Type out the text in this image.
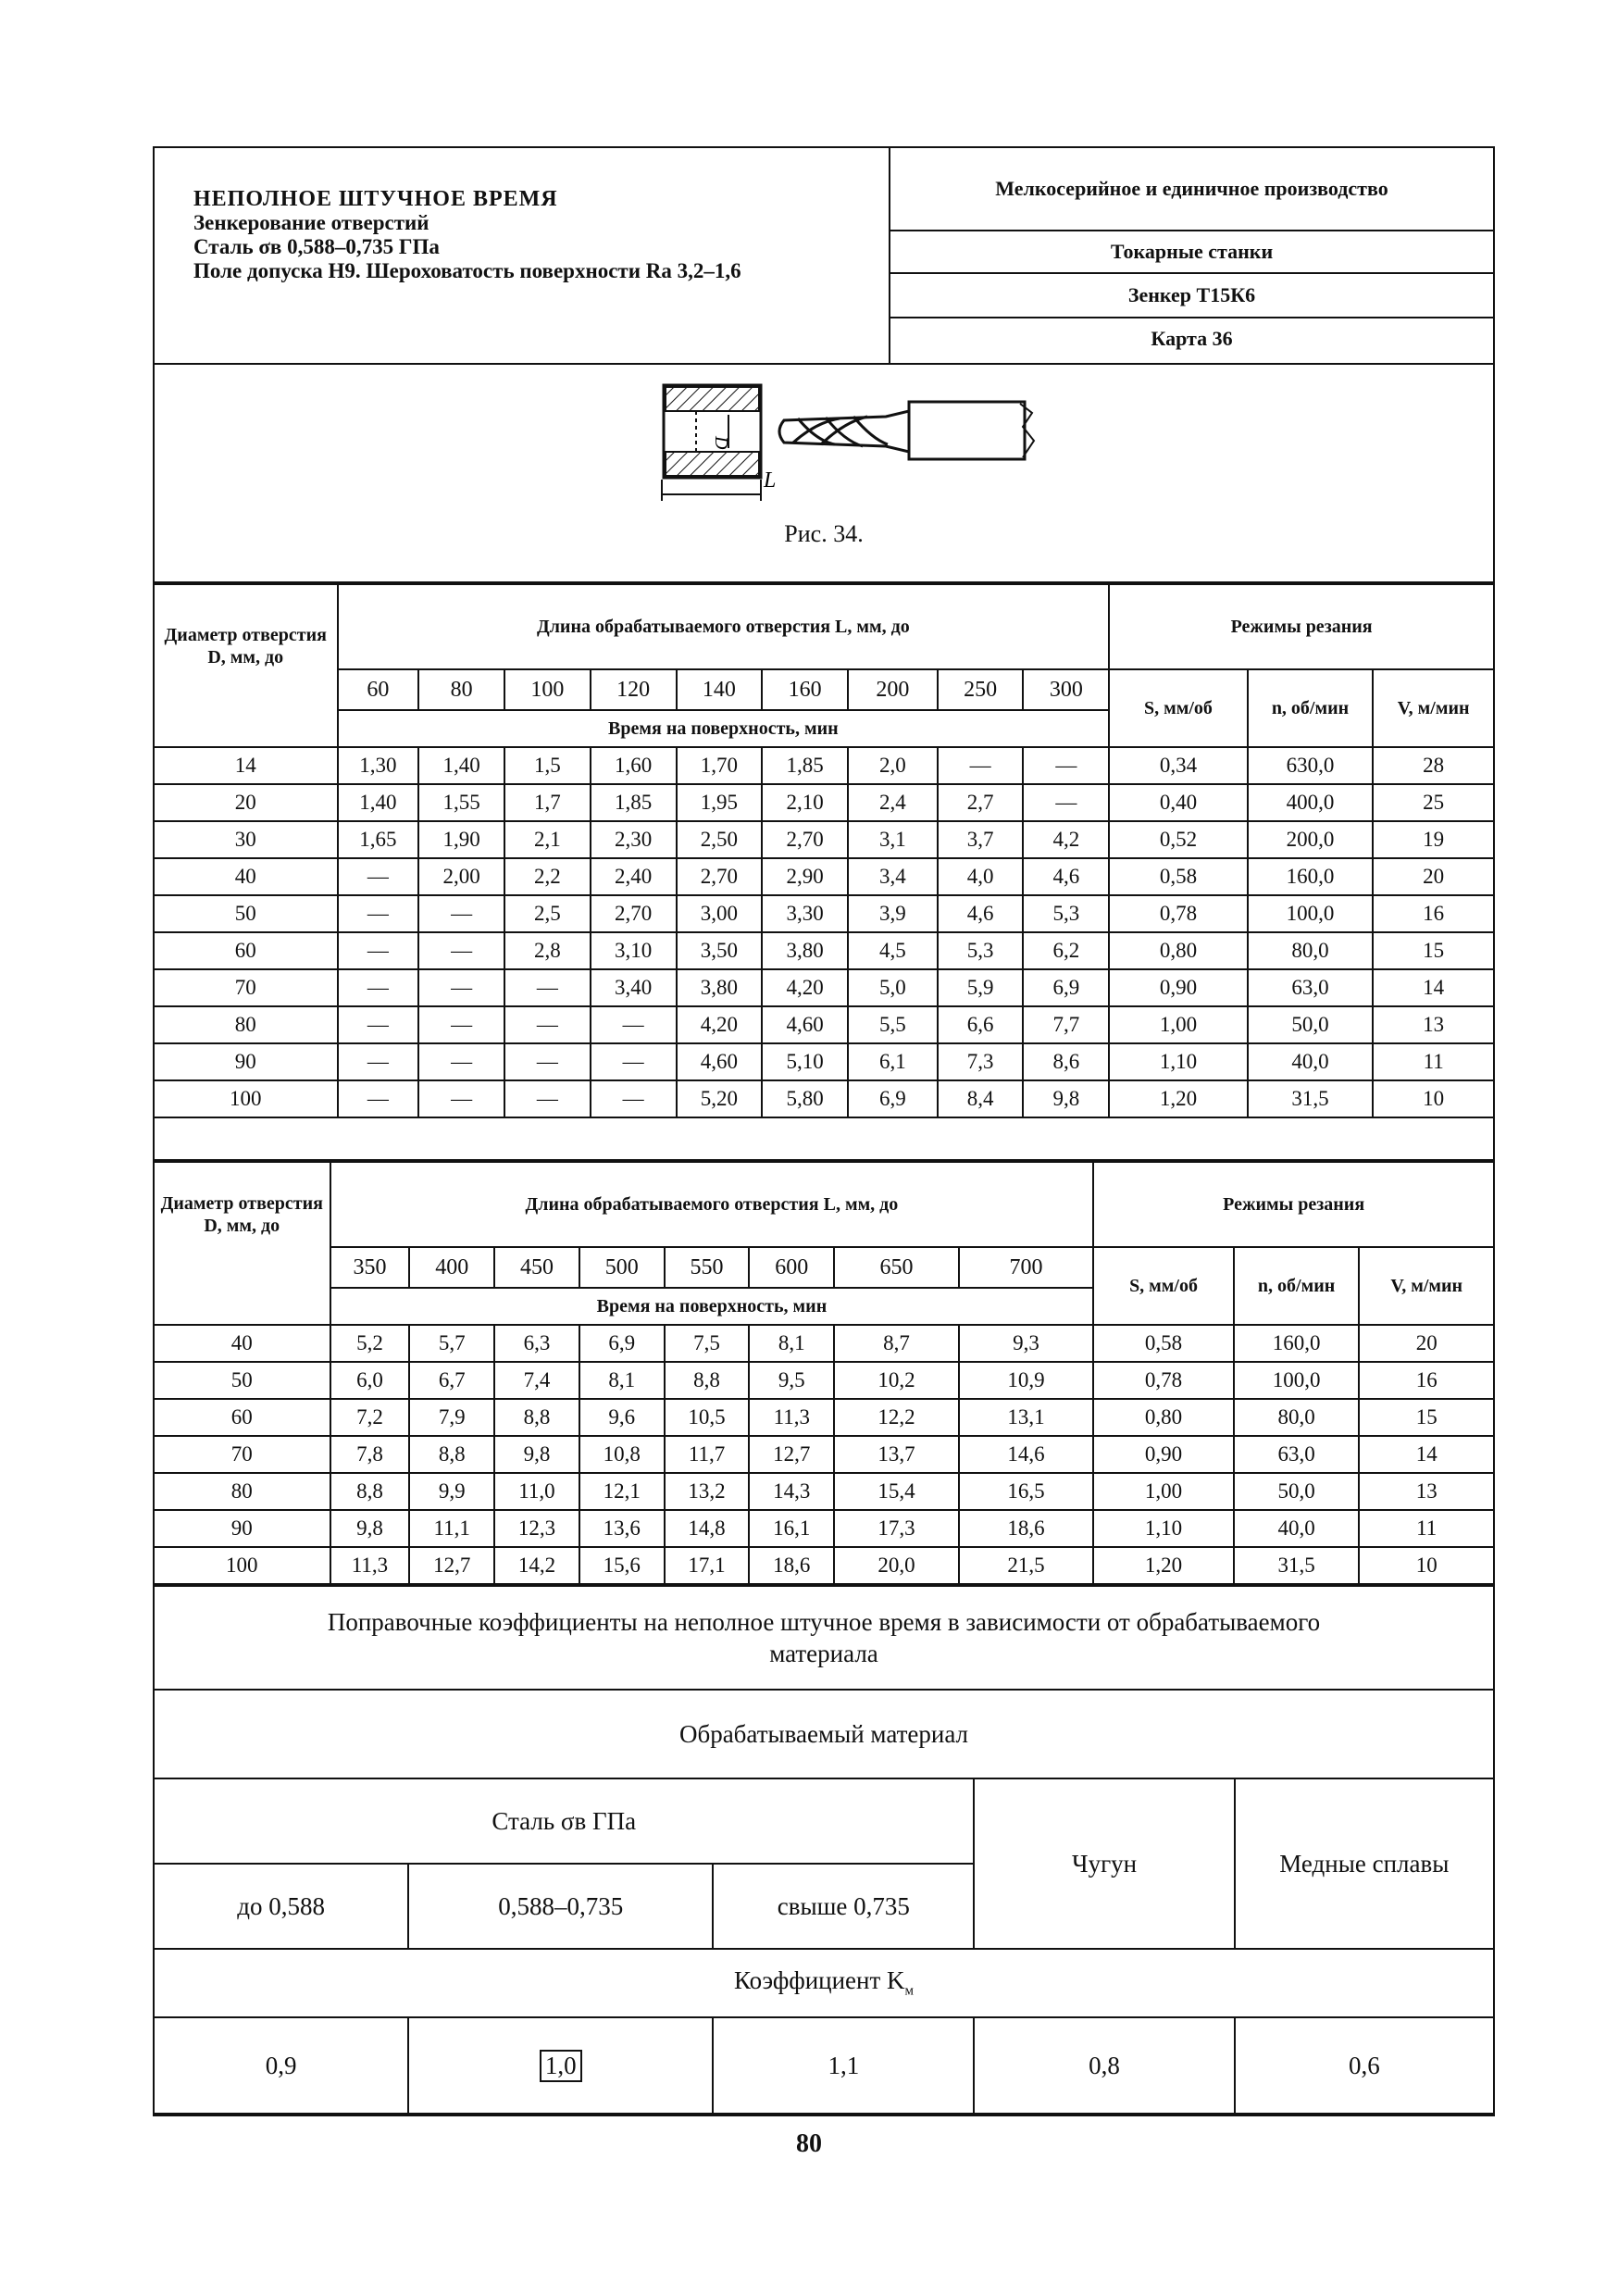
НЕПОЛНОЕ ШТУЧНОЕ ВРЕМЯ
Зенкерование отверстий
Сталь σв 0,588–0,735 ГПа
Поле допуска Н9. Шероховатость поверхности Ra 3,2–1,6
Мелкосерийное и единичное производство
Токарные станки
Зенкер Т15К6
Карта 36
D
L
Рис. 34.
Диаметр отверстия D, мм, до	Длина обрабатываемого отверстия L, мм, до									Режимы резания		
	60	80	100	120	140	160	200	250	300	S, мм/об	n, об/мин	V, м/мин
	Время на поверхность, мин											
14	1,30	1,40	1,5	1,60	1,70	1,85	2,0	—	—	0,34	630,0	28
20	1,40	1,55	1,7	1,85	1,95	2,10	2,4	2,7	—	0,40	400,0	25
30	1,65	1,90	2,1	2,30	2,50	2,70	3,1	3,7	4,2	0,52	200,0	19
40	—	2,00	2,2	2,40	2,70	2,90	3,4	4,0	4,6	0,58	160,0	20
50	—	—	2,5	2,70	3,00	3,30	3,9	4,6	5,3	0,78	100,0	16
60	—	—	2,8	3,10	3,50	3,80	4,5	5,3	6,2	0,80	80,0	15
70	—	—	—	3,40	3,80	4,20	5,0	5,9	6,9	0,90	63,0	14
80	—	—	—	—	4,20	4,60	5,5	6,6	7,7	1,00	50,0	13
90	—	—	—	—	4,60	5,10	6,1	7,3	8,6	1,10	40,0	11
100	—	—	—	—	5,20	5,80	6,9	8,4	9,8	1,20	31,5	10
Диаметр отверстия D, мм, до	Длина обрабатываемого отверстия L, мм, до								Режимы резания		
	350	400	450	500	550	600	650	700	S, мм/об	n, об/мин	V, м/мин
	Время на поверхность, мин										
40	5,2	5,7	6,3	6,9	7,5	8,1	8,7	9,3	0,58	160,0	20
50	6,0	6,7	7,4	8,1	8,8	9,5	10,2	10,9	0,78	100,0	16
60	7,2	7,9	8,8	9,6	10,5	11,3	12,2	13,1	0,80	80,0	15
70	7,8	8,8	9,8	10,8	11,7	12,7	13,7	14,6	0,90	63,0	14
80	8,8	9,9	11,0	12,1	13,2	14,3	15,4	16,5	1,00	50,0	13
90	9,8	11,1	12,3	13,6	14,8	16,1	17,3	18,6	1,10	40,0	11
100	11,3	12,7	14,2	15,6	17,1	18,6	20,0	21,5	1,20	31,5	10
Поправочные коэффициенты на неполное штучное время в зависимости от обрабатываемого материала				
Обрабатываемый материал				
Сталь σв ГПа			Чугун	Медные сплавы
до 0,588	0,588–0,735	свыше 0,735		
Коэффициент $K_м$
0,9	1,0	1,1	0,8	0,6
80
